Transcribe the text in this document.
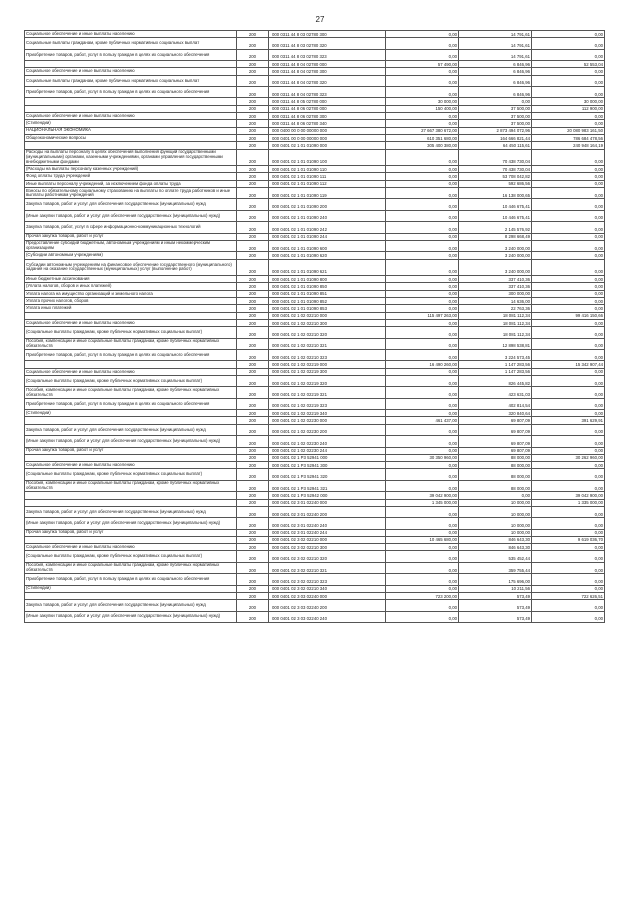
27
Социальное обеспечение и иные выплаты населению	200	000 0311 44 8 03 02780 300	0,00	14 791,61	0,00
Социальные выплаты гражданам, кроме публичных нормативных социальных выплат	200	000 0311 44 8 03 02780 320	0,00	14 791,61	0,00
Приобретение товаров, работ, услуг в пользу граждан в целях их социального обеспечения	200	000 0311 44 8 03 02780 323	0,00	14 791,61	0,00
	200	000 0311 44 8 04 02780 000	57 490,00	6 846,96	52 553,04
Социальное обеспечение и иные выплаты населению	200	000 0311 44 8 04 02780 300	0,00	6 846,96	0,00
Социальные выплаты гражданам, кроме публичных нормативных социальных выплат	200	000 0311 44 8 04 02780 320	0,00	6 846,96	0,00
Приобретение товаров, работ, услуг в пользу граждан в целях их социального обеспечения	200	000 0311 44 8 04 02780 323	0,00	6 846,96	0,00
	200	000 0311 44 8 05 02780 000	30 000,00	0,00	30 000,00
	200	000 0311 44 8 06 02780 000	150 400,00	37 500,00	112 900,00
Социальное обеспечение и иные выплаты населению	200	000 0311 44 8 06 02780 300	0,00	37 500,00	0,00
(Стипендии)	200	000 0311 44 8 06 02780 340	0,00	37 500,00	0,00
НАЦИОНАЛЬНАЯ ЭКОНОМИКА	200	000 0400 00 0 00 00000 000	27 667 380 672,00	2 873 494 072,96	20 080 983 161,50
Общеэкономические вопросы	200	000 0401 00 0 00 00000 000	610 351 680,00	164 666 821,44	786 684 478,56
	200	000 0401 02 1 01 01090 000	305 400 380,00	64 450 115,61	240 948 164,19
Расходы на выплаты персоналу в целях обеспечения выполнения функций государственными (муниципальными) органами, казенными учреждениями, органами управления государственными внебюджетными фондами	200	000 0401 02 1 01 01090 100	0,00	70 438 730,04	0,00
(Расходы на выплаты персоналу казенных учреждений)	200	000 0401 02 1 01 01090 110	0,00	70 438 730,04	0,00
Фонд оплаты труда учреждений	200	000 0401 02 1 01 01090 111	0,00	53 708 042,82	0,00
Иные выплаты персоналу учреждений, за исключением фонда оплаты труда	200	000 0401 02 1 01 01090 112	0,00	592 686,56	0,00
Взносы по обязательному социальному страхованию на выплаты по оплате труда работников и иные выплаты работникам учреждений	200	000 0401 02 1 01 01090 119	0,00	16 138 000,65	0,00
Закупка товаров, работ и услуг для обеспечения государственных (муниципальных) нужд	200	000 0401 02 1 01 01090 200	0,00	10 446 675,41	0,00
(Иные закупки товаров, работ и услуг для обеспечения государственных (муниципальных) нужд)	200	000 0401 02 1 01 01090 240	0,00	10 446 675,41	0,00
Закупка товаров, работ, услуг в сфере информационно-коммуникационных технологий	200	000 0401 02 1 01 01090 242	0,00	2 145 576,92	0,00
Прочая закупка товаров, работ и услуг	200	000 0401 02 1 01 01090 244	0,00	8 298 668,49	0,00
Предоставление субсидий бюджетным, автономным учреждениям и иным некоммерческим организациям	200	000 0401 02 1 01 01090 600	0,00	3 240 000,00	0,00
(Субсидии автономным учреждениям)	200	000 0401 02 1 01 01090 620	0,00	3 240 000,00	0,00
Субсидии автономным учреждениям на финансовое обеспечение государственного (муниципального) задания на оказание государственных (муниципальных) услуг (выполнение работ)	200	000 0401 02 1 01 01090 621	0,00	3 240 000,00	0,00
Иные бюджетные ассигнования	200	000 0401 02 1 01 01090 800	0,00	337 410,36	0,00
(Уплата налогов, сборов и иных платежей)	200	000 0401 02 1 01 01090 850	0,00	337 410,36	0,00
Уплата налога на имущество организаций и земельного налога	200	000 0401 02 1 01 01090 851	0,00	300 000,00	0,00
Уплата прочих налогов, сборов	200	000 0401 02 1 01 01090 852	0,00	14 636,00	0,00
Уплата иных платежей	200	000 0401 02 1 01 01090 853	0,00	22 763,36	0,00
	200	000 0401 02 1 02 02210 000	115 497 263,00	18 081 112,34	99 416 150,66
Социальное обеспечение и иные выплаты населению	200	000 0401 02 1 02 02210 300	0,00	18 081 112,34	0,00
(Социальные выплаты гражданам, кроме публичных нормативных социальных выплат)	200	000 0401 02 1 02 02210 320	0,00	18 081 112,34	0,00
Пособия, компенсации и иные социальные выплаты гражданам, кроме публичных нормативных обязательств	200	000 0401 02 1 02 02210 321	0,00	12 898 538,81	0,00
Приобретение товаров, работ, услуг в пользу граждан в целях их социального обеспечения	200	000 0401 02 1 02 02210 323	0,00	3 224 573,45	0,00
	200	000 0401 02 1 02 02219 000	16 490 260,00	1 147 283,56	15 342 907,44
Социальное обеспечение и иные выплаты населению	200	000 0401 02 1 02 02219 300	0,00	1 147 283,56	0,00
(Социальные выплаты гражданам, кроме публичных нормативных социальных выплат)	200	000 0401 02 1 02 02219 320	0,00	826 445,82	0,00
Пособия, компенсации и иные социальные выплаты гражданам, кроме публичных нормативных обязательств	200	000 0401 02 1 02 02219 321	0,00	423 631,03	0,00
Приобретение товаров, работ, услуг в пользу граждан в целях их социального обеспечения	200	000 0401 02 1 02 02219 323	0,00	402 814,54	0,00
(Стипендии)	200	000 0401 02 1 02 02219 340	0,00	320 840,64	0,00
	200	000 0401 02 1 02 02230 000	461 437,00	69 807,09	391 629,91
Закупка товаров, работ и услуг для обеспечения государственных (муниципальных) нужд	200	000 0401 02 1 02 02230 200	0,00	69 807,09	0,00
(Иные закупки товаров, работ и услуг для обеспечения государственных (муниципальных) нужд)	200	000 0401 02 1 02 02230 240	0,00	69 807,09	0,00
Прочая закупка товаров, работ и услуг	200	000 0401 02 1 02 02230 244	0,00	69 807,09	0,00
	200	000 0401 02 1 P3 52941 000	30 350 960,00	88 000,00	30 262 960,00
Социальное обеспечение и иные выплаты населению	200	000 0401 02 1 P3 52941 300	0,00	88 000,00	0,00
(Социальные выплаты гражданам, кроме публичных нормативных социальных выплат)	200	000 0401 02 1 P3 52941 320	0,00	88 000,00	0,00
Пособия, компенсации и иные социальные выплаты гражданам, кроме публичных нормативных обязательств	200	000 0401 02 1 P3 52941 321	0,00	88 000,00	0,00
	200	000 0401 02 1 P3 52942 000	39 042 900,00	0,00	39 042 900,00
	200	000 0401 02 3 01 02240 000	1 345 000,00	10 000,00	1 335 000,00
Закупка товаров, работ и услуг для обеспечения государственных (муниципальных) нужд	200	000 0401 02 3 01 02240 200	0,00	10 000,00	0,00
(Иные закупки товаров, работ и услуг для обеспечения государственных (муниципальных) нужд)	200	000 0401 02 3 01 02240 240	0,00	10 000,00	0,00
Прочая закупка товаров, работ и услуг	200	000 0401 02 3 01 02240 244	0,00	10 000,00	0,00
	200	000 0401 02 3 02 02210 000	10 465 680,00	846 643,30	9 619 036,70
Социальное обеспечение и иные выплаты населению	200	000 0401 02 3 02 02210 300	0,00	846 643,30	0,00
(Социальные выплаты гражданам, кроме публичных нормативных социальных выплат)	200	000 0401 02 3 02 02210 320	0,00	535 452,44	0,00
Пособия, компенсации и иные социальные выплаты гражданам, кроме публичных нормативных обязательств	200	000 0401 02 3 02 02210 321	0,00	359 755,44	0,00
Приобретение товаров, работ, услуг в пользу граждан в целях их социального обеспечения	200	000 0401 02 3 02 02210 323	0,00	175 696,00	0,00
(Стипендии)	200	000 0401 02 3 02 02210 340	0,00	10 211,56	0,00
	200	000 0401 02 3 03 02240 000	723 200,00	573,49	722 626,51
Закупка товаров, работ и услуг для обеспечения государственных (муниципальных) нужд	200	000 0401 02 3 03 02240 200	0,00	573,49	0,00
(Иные закупки товаров, работ и услуг для обеспечения государственных (муниципальных) нужд)	200	000 0401 02 3 03 02240 240	0,00	573,49	0,00
